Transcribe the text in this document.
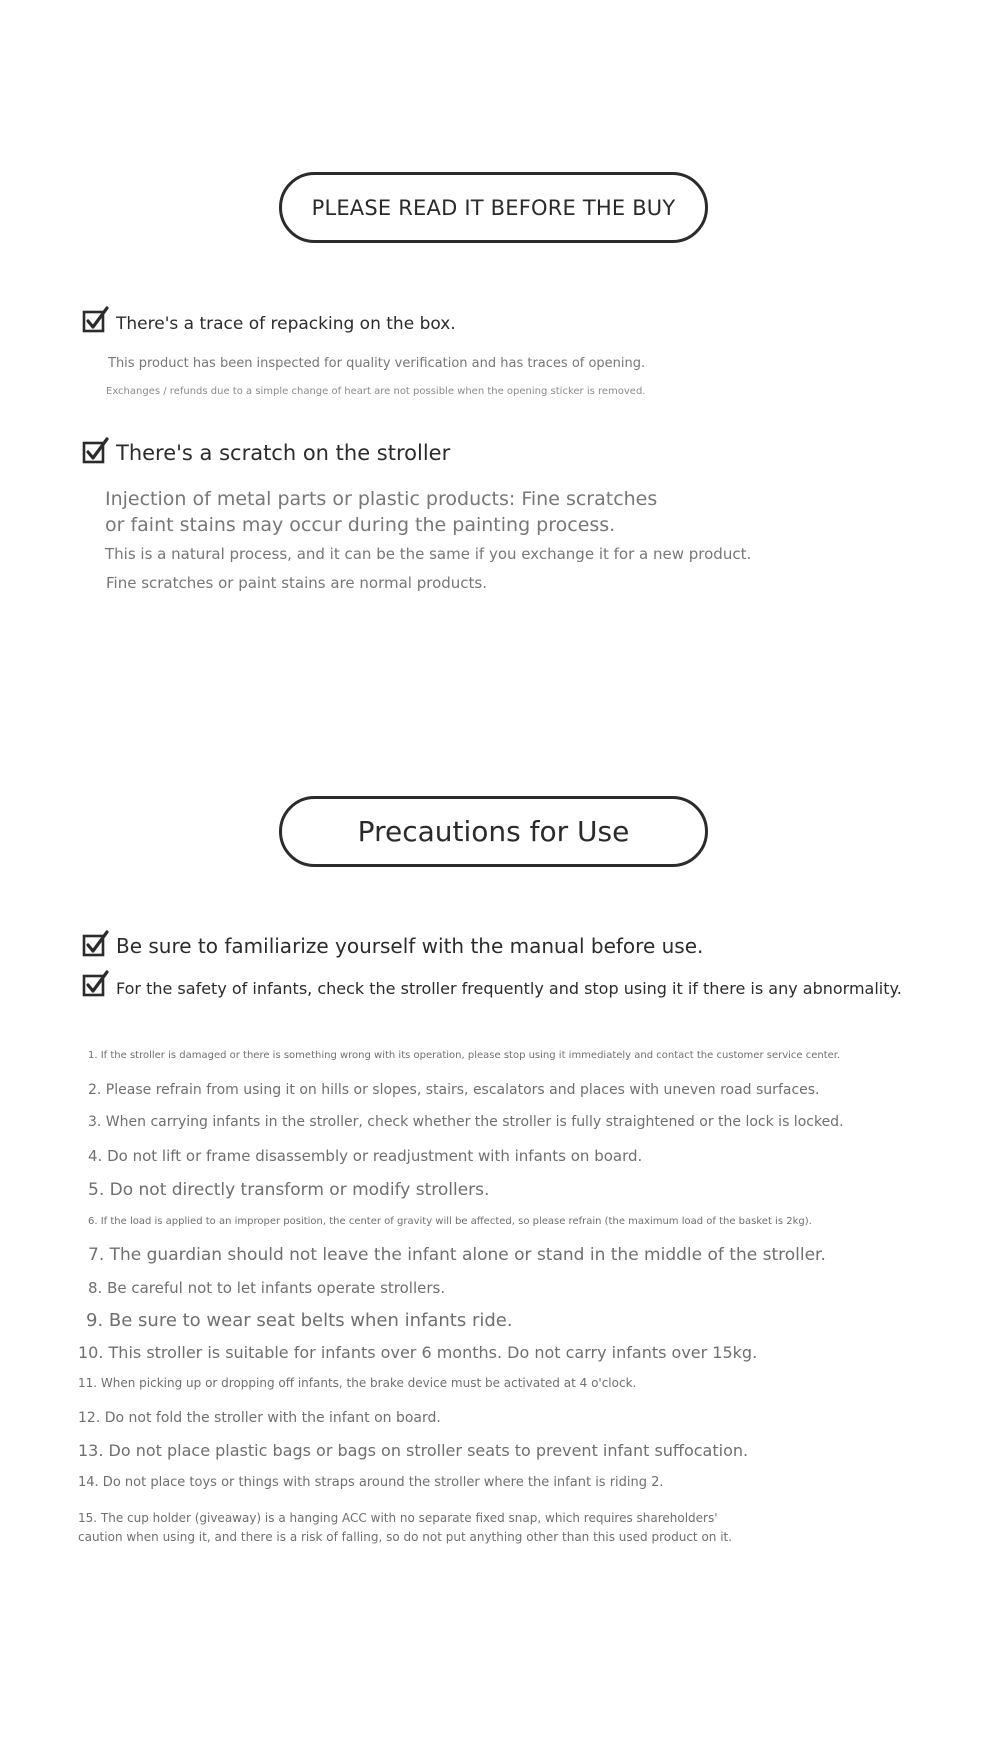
PLEASE READ IT BEFORE THE BUY
There's a trace of repacking on the box.
This product has been inspected for quality verification and has traces of opening.
Exchanges / refunds due to a simple change of heart are not possible when the opening sticker is removed.
There's a scratch on the stroller
Injection of metal parts or plastic products: Fine scratches
or faint stains may occur during the painting process.
This is a natural process, and it can be the same if you exchange it for a new product.
Fine scratches or paint stains are normal products.
Precautions for Use
Be sure to familiarize yourself with the manual before use.
For the safety of infants, check the stroller frequently and stop using it if there is any abnormality.
1. If the stroller is damaged or there is something wrong with its operation, please stop using it immediately and contact the customer service center.
2. Please refrain from using it on hills or slopes, stairs, escalators and places with uneven road surfaces.
3. When carrying infants in the stroller, check whether the stroller is fully straightened or the lock is locked.
4. Do not lift or frame disassembly or readjustment with infants on board.
5. Do not directly transform or modify strollers.
6. If the load is applied to an improper position, the center of gravity will be affected, so please refrain (the maximum load of the basket is 2kg).
7. The guardian should not leave the infant alone or stand in the middle of the stroller.
8. Be careful not to let infants operate strollers.
9. Be sure to wear seat belts when infants ride.
10. This stroller is suitable for infants over 6 months. Do not carry infants over 15kg.
11. When picking up or dropping off infants, the brake device must be activated at 4 o'clock.
12. Do not fold the stroller with the infant on board.
13. Do not place plastic bags or bags on stroller seats to prevent infant suffocation.
14. Do not place toys or things with straps around the stroller where the infant is riding 2.
15. The cup holder (giveaway) is a hanging ACC with no separate fixed snap, which requires shareholders'
caution when using it, and there is a risk of falling, so do not put anything other than this used product on it.
